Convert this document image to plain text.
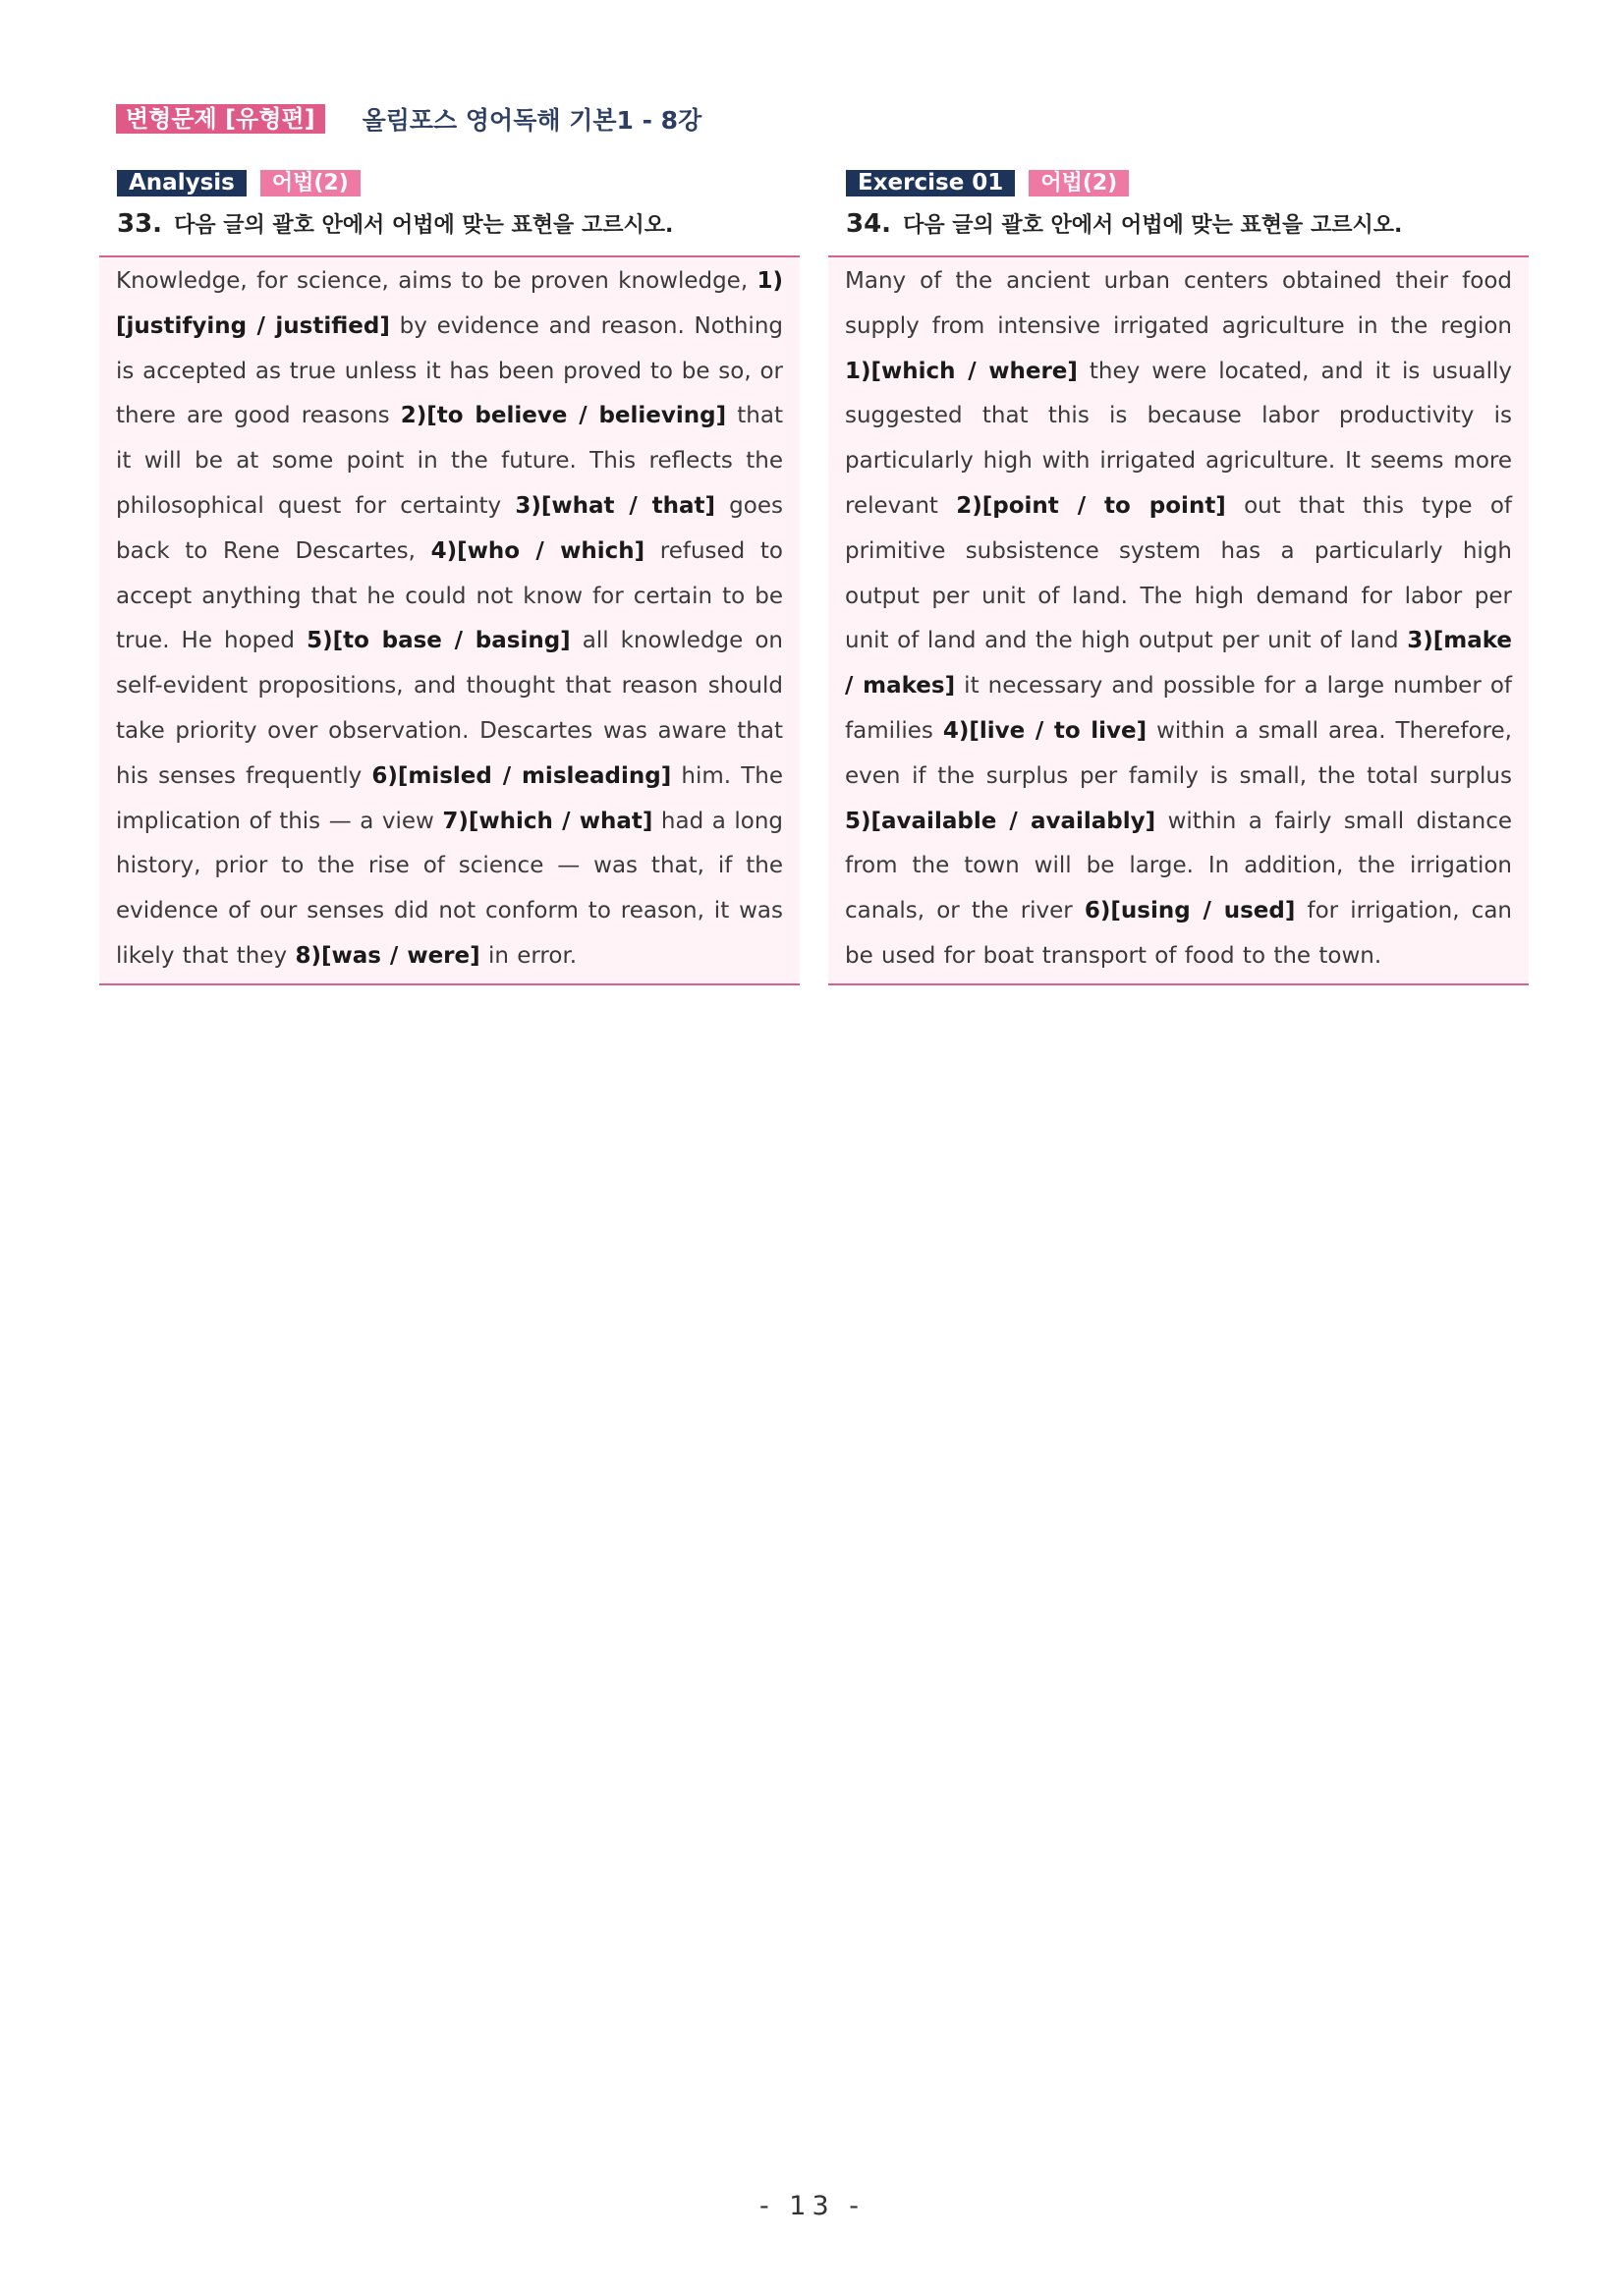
변형문제 [유형편]	올림포스 영어독해 기본1 - 8강
Analysis	어법(2)
33. 다음 글의 괄호 안에서 어법에 맞는 표현을 고르시오.

Knowledge, for science, aims to be proven knowledge, 1)[justifying / justified] by evidence and reason. Nothing is accepted as true unless it has been proved to be so, or there are good reasons 2)[to believe / believing] that it will be at some point in the future. This reflects the philosophical quest for certainty 3)[what / that] goes back to Rene Descartes, 4)[who / which] refused to accept anything that he could not know for certain to be true. He hoped 5)[to base / basing] all knowledge on self-evident propositions, and thought that reason should take priority over observation. Descartes was aware that his senses frequently 6)[misled / misleading] him. The implication of this — a view 7)[which / what] had a long history, prior to the rise of science — was that, if the evidence of our senses did not conform to reason, it was likely that they 8)[was / were] in error.

Exercise 01	어법(2)
34. 다음 글의 괄호 안에서 어법에 맞는 표현을 고르시오.

Many of the ancient urban centers obtained their food supply from intensive irrigated agriculture in the region 1)[which / where] they were located, and it is usually suggested that this is because labor productivity is particularly high with irrigated agriculture. It seems more relevant 2)[point / to point] out that this type of primitive subsistence system has a particularly high output per unit of land. The high demand for labor per unit of land and the high output per unit of land 3)[make / makes] it necessary and possible for a large number of families 4)[live / to live] within a small area. Therefore, even if the surplus per family is small, the total surplus 5)[available / availably] within a fairly small distance from the town will be large. In addition, the irrigation canals, or the river 6)[using / used] for irrigation, can be used for boat transport of food to the town.

- 13 -
